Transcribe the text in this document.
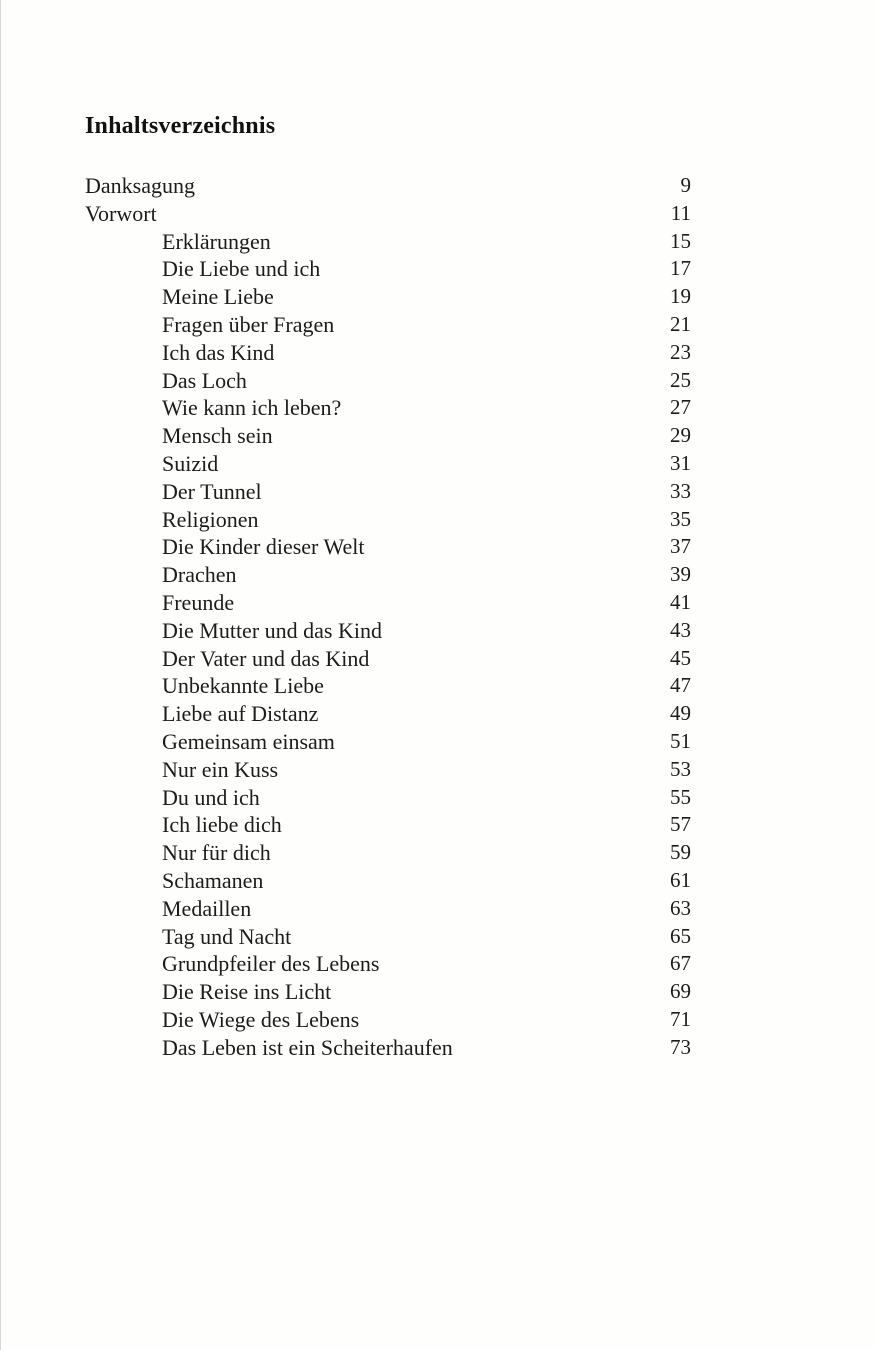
Inhaltsverzeichnis
Danksagung	9
Vorwort	11
Erklärungen	15
Die Liebe und ich	17
Meine Liebe	19
Fragen über Fragen	21
Ich das Kind	23
Das Loch	25
Wie kann ich leben?	27
Mensch sein	29
Suizid	31
Der Tunnel	33
Religionen	35
Die Kinder dieser Welt	37
Drachen	39
Freunde	41
Die Mutter und das Kind	43
Der Vater und das Kind	45
Unbekannte Liebe	47
Liebe auf Distanz	49
Gemeinsam einsam	51
Nur ein Kuss	53
Du und ich	55
Ich liebe dich	57
Nur für dich	59
Schamanen	61
Medaillen	63
Tag und Nacht	65
Grundpfeiler des Lebens	67
Die Reise ins Licht	69
Die Wiege des Lebens	71
Das Leben ist ein Scheiterhaufen	73
